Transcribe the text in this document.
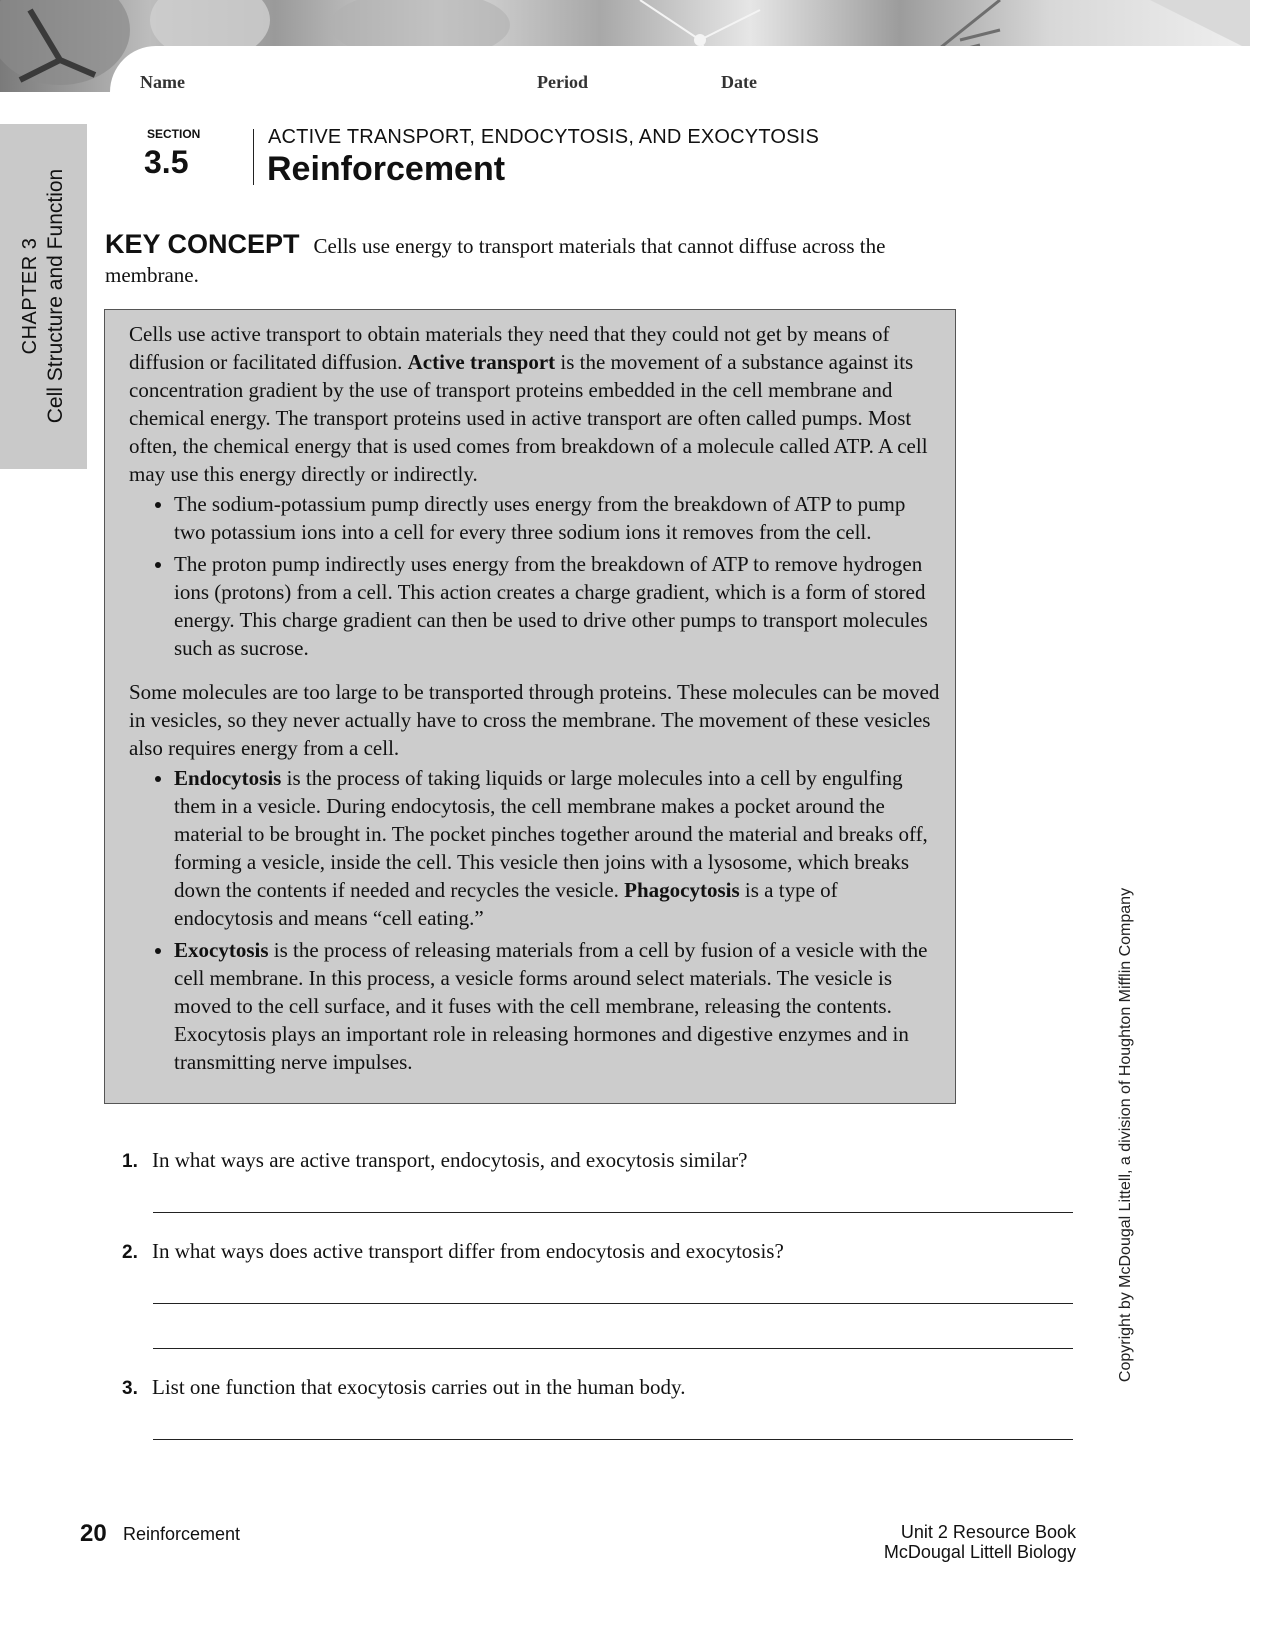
Name	Period	Date
CHAPTER 3 Cell Structure and Function
SECTION
3.5
ACTIVE TRANSPORT, ENDOCYTOSIS, AND EXOCYTOSIS
Reinforcement
KEY CONCEPT Cells use energy to transport materials that cannot diffuse across the membrane.

Cells use active transport to obtain materials they need that they could not get by means of diffusion or facilitated diffusion. Active transport is the movement of a substance against its concentration gradient by the use of transport proteins embedded in the cell membrane and chemical energy. The transport proteins used in active transport are often called pumps. Most often, the chemical energy that is used comes from breakdown of a molecule called ATP. A cell may use this energy directly or indirectly.

• The sodium-potassium pump directly uses energy from the breakdown of ATP to pump two potassium ions into a cell for every three sodium ions it removes from the cell.
• The proton pump indirectly uses energy from the breakdown of ATP to remove hydrogen ions (protons) from a cell. This action creates a charge gradient, which is a form of stored energy. This charge gradient can then be used to drive other pumps to transport molecules such as sucrose.

Some molecules are too large to be transported through proteins. These molecules can be moved in vesicles, so they never actually have to cross the membrane. The movement of these vesicles also requires energy from a cell.

• Endocytosis is the process of taking liquids or large molecules into a cell by engulfing them in a vesicle. During endocytosis, the cell membrane makes a pocket around the material to be brought in. The pocket pinches together around the material and breaks off, forming a vesicle, inside the cell. This vesicle then joins with a lysosome, which breaks down the contents if needed and recycles the vesicle. Phagocytosis is a type of endocytosis and means “cell eating.”
• Exocytosis is the process of releasing materials from a cell by fusion of a vesicle with the cell membrane. In this process, a vesicle forms around select materials. The vesicle is moved to the cell surface, and it fuses with the cell membrane, releasing the contents. Exocytosis plays an important role in releasing hormones and digestive enzymes and in transmitting nerve impulses.
1. In what ways are active transport, endocytosis, and exocytosis similar?
2. In what ways does active transport differ from endocytosis and exocytosis?
3. List one function that exocytosis carries out in the human body.
Copyright by McDougal Littell, a division of Houghton Mifflin Company
20 Reinforcement	Unit 2 Resource Book
McDougal Littell Biology
